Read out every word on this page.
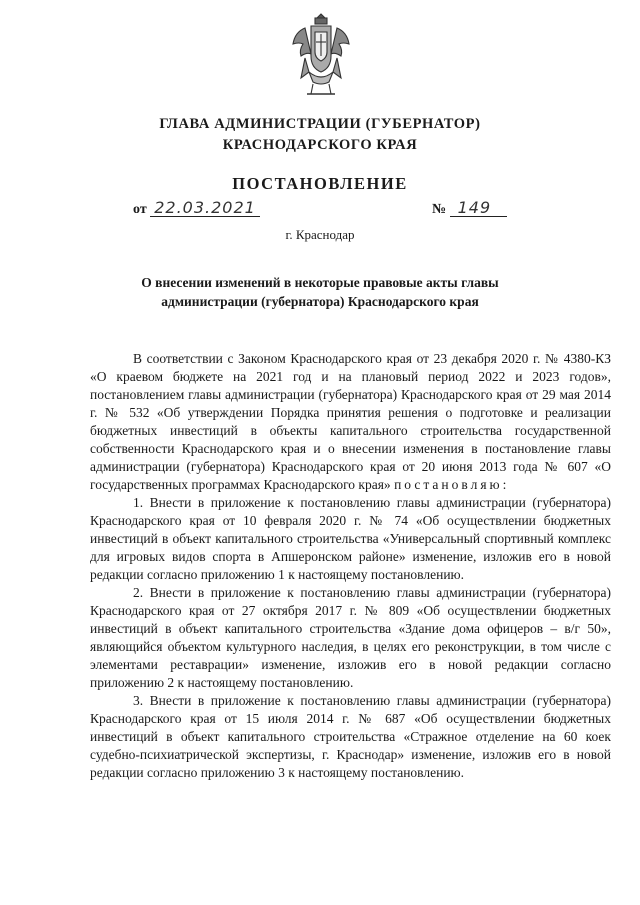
ГЛАВА АДМИНИСТРАЦИИ (ГУБЕРНАТОР)
КРАСНОДАРСКОГО КРАЯ
ПОСТАНОВЛЕНИЕ
от 22.03.2021	№ 149
г. Краснодар
О внесении изменений в некоторые правовые акты главы
администрации (губернатора) Краснодарского края

В соответствии с Законом Краснодарского края от 23 декабря 2020 г. № 4380-КЗ «О краевом бюджете на 2021 год и на плановый период 2022 и 2023 годов», постановлением главы администрации (губернатора) Краснодарского края от 29 мая 2014 г. № 532 «Об утверждении Порядка принятия решения о подготовке и реализации бюджетных инвестиций в объекты капитального строительства государственной собственности Краснодарского края и о внесении изменения в постановление главы администрации (губернатора) Краснодарского края от 20 июня 2013 года № 607 «О государственных программах Краснодарского края» постановляю:

1. Внести в приложение к постановлению главы администрации (губернатора) Краснодарского края от 10 февраля 2020 г. № 74 «Об осуществлении бюджетных инвестиций в объект капитального строительства «Универсальный спортивный комплекс для игровых видов спорта в Апшеронском районе» изменение, изложив его в новой редакции согласно приложению 1 к настоящему постановлению.

2. Внести в приложение к постановлению главы администрации (губернатора) Краснодарского края от 27 октября 2017 г. № 809 «Об осуществлении бюджетных инвестиций в объект капитального строительства «Здание дома офицеров – в/г 50», являющийся объектом культурного наследия, в целях его реконструкции, в том числе с элементами реставрации» изменение, изложив его в новой редакции согласно приложению 2 к настоящему постановлению.

3. Внести в приложение к постановлению главы администрации (губернатора) Краснодарского края от 15 июля 2014 г. № 687 «Об осуществлении бюджетных инвестиций в объект капитального строительства «Стражное отделение на 60 коек судебно-психиатрической экспертизы, г. Краснодар» изменение, изложив его в новой редакции согласно приложению 3 к настоящему постановлению.
